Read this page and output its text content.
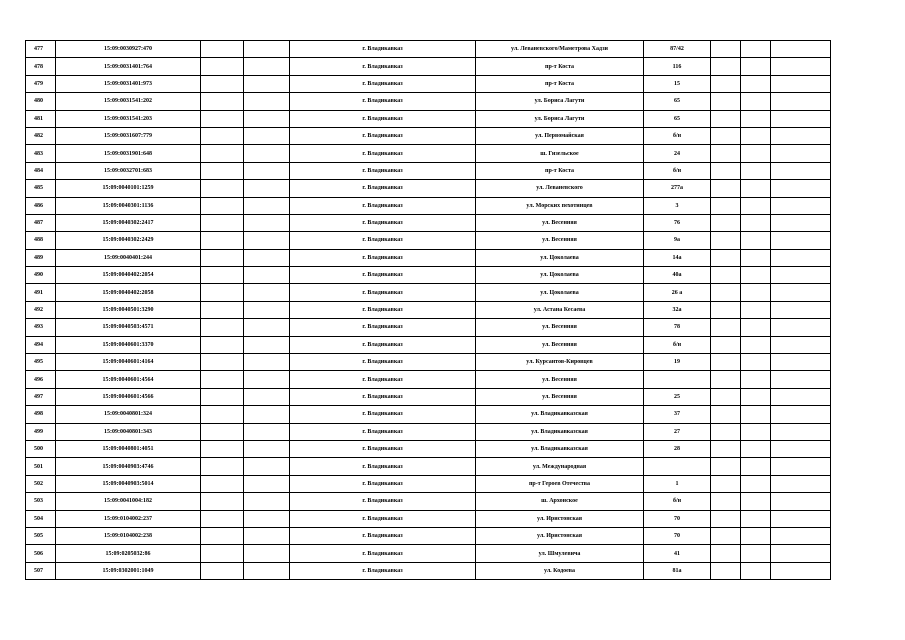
477	15:09:0030927:470			г. Владикавказ	ул. Леваневского/Маметрова Хадзи	87/42			
478	15:09:0031401:764			г. Владикавказ	пр-т Коста	116			
479	15:09:0031401:973			г. Владикавказ	пр-т Коста	15			
480	15:09:0031541:202			г. Владикавказ	ул. Бориса Лагути	65			
481	15:09:0031541:203			г. Владикавказ	ул. Бориса Лагути	65			
482	15:09:0031607:779			г. Владикавказ	ул. Первомайская	б/н			
483	15:09:0031901:648			г. Владикавказ	ш. Гизельское	24			
484	15:09:0032701:683			г. Владикавказ	пр-т Коста	б/н			
485	15:09:0040101:1259			г. Владикавказ	ул. Леваневского	277а			
486	15:09:0040301:1136			г. Владикавказ	ул. Морских пехотинцев	3			
487	15:09:0040302:2417			г. Владикавказ	ул. Весенняя	76			
488	15:09:0040302:2429			г. Владикавказ	ул. Весенняя	9а			
489	15:09:0040401:244			г. Владикавказ	ул. Цоколаева	14а			
490	15:09:0040402:2054			г. Владикавказ	ул. Цоколаева	40а			
491	15:09:0040402:2058			г. Владикавказ	ул. Цоколаева	26 а			
492	15:09:0040501:3290			г. Владикавказ	ул. Астана Кесаева	32а			
493	15:09:0040503:4571			г. Владикавказ	ул. Весенняя	78			
494	15:09:0040601:3370			г. Владикавказ	ул. Весенняя	б/н			
495	15:09:0040601:4164			г. Владикавказ	ул. Курсантов-Кировцев	19			
496	15:09:0040601:4564			г. Владикавказ	ул. Весенняя				
497	15:09:0040601:4566			г. Владикавказ	ул. Весенняя	25			
498	15:09:0040801:324			г. Владикавказ	ул. Владикавказская	37			
499	15:09:0040801:343			г. Владикавказ	ул. Владикавказская	27			
500	15:09:0040801:4051			г. Владикавказ	ул. Владикавказская	28			
501	15:09:0040903:4746			г. Владикавказ	ул. Международная				
502	15:09:0040903:5014			г. Владикавказ	пр-т Героев Отечества	1			
503	15:09:0041004:182			г. Владикавказ	ш. Архонское	б/н			
504	15:09:0104002:237			г. Владикавказ	ул. Иристонская	70			
505	15:09:0104002:238			г. Владикавказ	ул. Иристонская	70			
506	15:09:0205032:86			г. Владикавказ	ул. Шмулевича	41			
507	15:09:0302001:1049			г. Владикавказ	ул. Кодоева	81а			
